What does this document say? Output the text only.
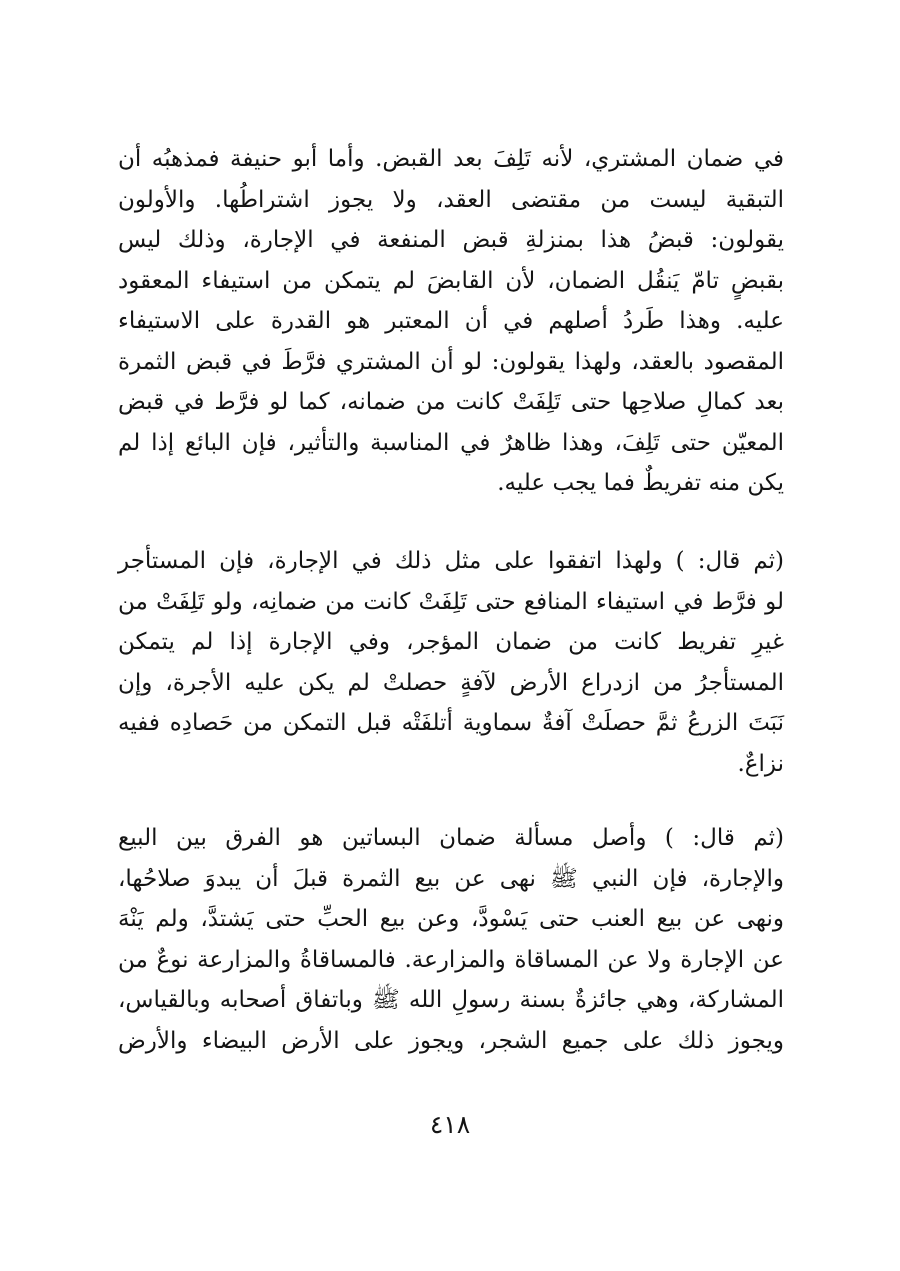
في ضمان المشتري، لأنه تَلِفَ بعد القبض. وأما أبو حنيفة فمذهبُه أن
التبقية ليست من مقتضى العقد، ولا يجوز اشتراطُها. والأولون
يقولون: قبضُ هذا بمنزلةِ قبض المنفعة في الإجارة، وذلك ليس
بقبضٍ تامّ يَنقُل الضمان، لأن القابضَ لم يتمكن من استيفاء المعقود
عليه. وهذا طَردُ أصلهم في أن المعتبر هو القدرة على الاستيفاء
المقصود بالعقد، ولهذا يقولون: لو أن المشتري فرَّطَ في قبض الثمرة
بعد كمالِ صلاحِها حتى تَلِفَتْ كانت من ضمانه، كما لو فرَّط في قبض
المعيّن حتى تَلِفَ، وهذا ظاهرٌ في المناسبة والتأثير، فإن البائع إذا لم
يكن منه تفريطٌ فما يجب عليه.
(ثم قال: ) ولهذا اتفقوا على مثل ذلك في الإجارة، فإن المستأجر
لو فرَّط في استيفاء المنافع حتى تَلِفَتْ كانت من ضمانِه، ولو تَلِفَتْ من
غيرِ تفريط كانت من ضمان المؤجر، وفي الإجارة إذا لم يتمكن
المستأجرُ من ازدراع الأرض لآفةٍ حصلتْ لم يكن عليه الأجرة، وإن
نَبَتَ الزرعُ ثمَّ حصلَتْ آفةٌ سماوية أتلفَتْه قبل التمكن من حَصادِه ففيه
نزاعٌ.
(ثم قال: ) وأصل مسألة ضمان البساتين هو الفرق بين البيع
والإجارة، فإن النبي ﷺ نهى عن بيع الثمرة قبلَ أن يبدوَ صلاحُها،
ونهى عن بيع العنب حتى يَسْودَّ، وعن بيع الحبِّ حتى يَشتدَّ، ولم يَنْهَ
عن الإجارة ولا عن المساقاة والمزارعة. فالمساقاةُ والمزارعة نوعٌ من
المشاركة، وهي جائزةٌ بسنة رسولِ الله ﷺ وباتفاق أصحابه وبالقياس،
ويجوز ذلك على جميع الشجر، ويجوز على الأرض البيضاء والأرض
٤١٨
